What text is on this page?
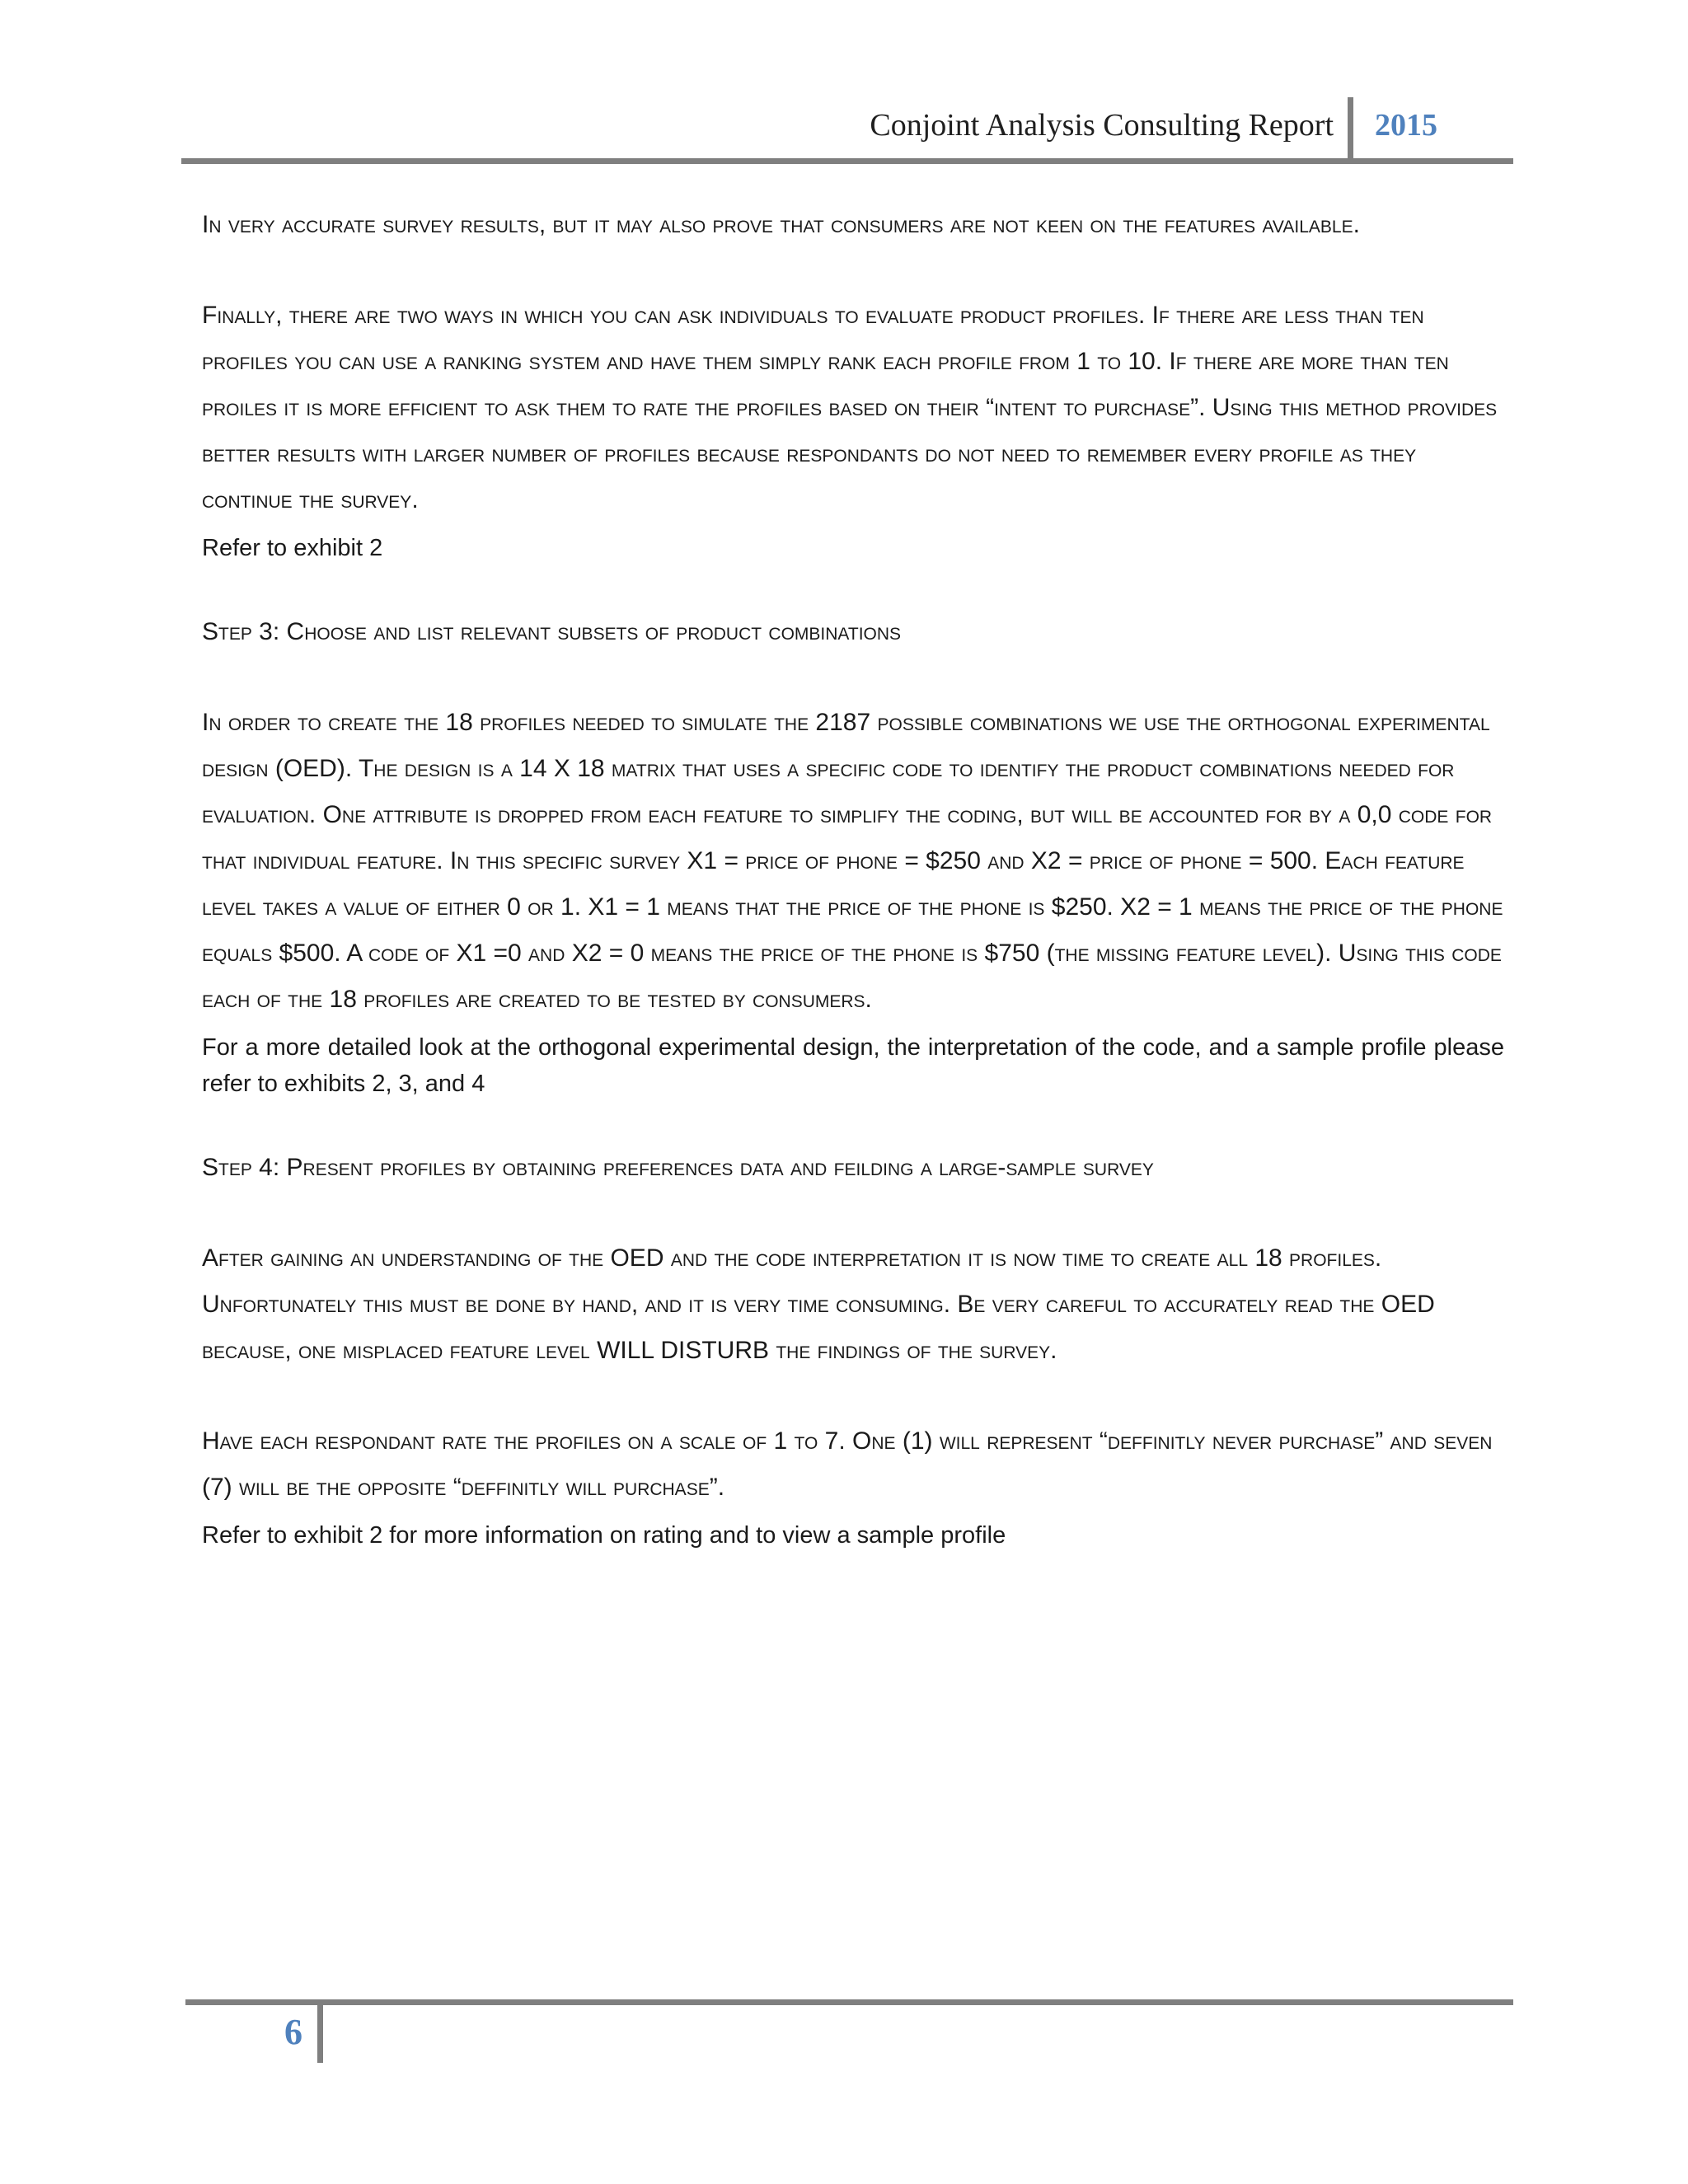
Conjoint Analysis Consulting Report 2015

In very accurate survey results, but it may also prove that consumers are not keen on the features available.

Finally, there are two ways in which you can ask individuals to evaluate product profiles. If there are less than ten profiles you can use a ranking system and have them simply rank each profile from 1 to 10. If there are more than ten proiles it is more efficient to ask them to rate the profiles based on their “intent to purchase”. Using this method provides better results with larger number of profiles because respondants do not need to remember every profile as they continue the survey.

Refer to exhibit 2

Step 3: Choose and list relevant subsets of product combinations

In order to create the 18 profiles needed to simulate the 2187 possible combinations we use the orthogonal experimental design (OED). The design is a 14 X 18 matrix that uses a specific code to identify the product combinations needed for evaluation. One attribute is dropped from each feature to simplify the coding, but will be accounted for by a 0,0 code for that individual feature. In this specific survey X1 = price of phone = $250 and X2 = price of phone = 500. Each feature level takes a value of either 0 or 1. X1 = 1 means that the price of the phone is $250. X2 = 1 means the price of the phone equals $500. A code of X1 =0 and X2 = 0 means the price of the phone is $750 (the missing feature level). Using this code each of the 18 profiles are created to be tested by consumers.

For a more detailed look at the orthogonal experimental design, the interpretation of the code, and a sample profile please refer to exhibits 2, 3, and 4

Step 4: Present profiles by obtaining preferences data and feilding a large-sample survey

After gaining an understanding of the OED and the code interpretation it is now time to create all 18 profiles. Unfortunately this must be done by hand, and it is very time consuming. Be very careful to accurately read the OED because, one misplaced feature level WILL DISTURB the findings of the survey.

Have each respondant rate the profiles on a scale of 1 to 7. One (1) will represent “deffinitly never purchase” and seven (7) will be the opposite “deffinitly will purchase”.

Refer to exhibit 2 for more information on rating and to view a sample profile

6
